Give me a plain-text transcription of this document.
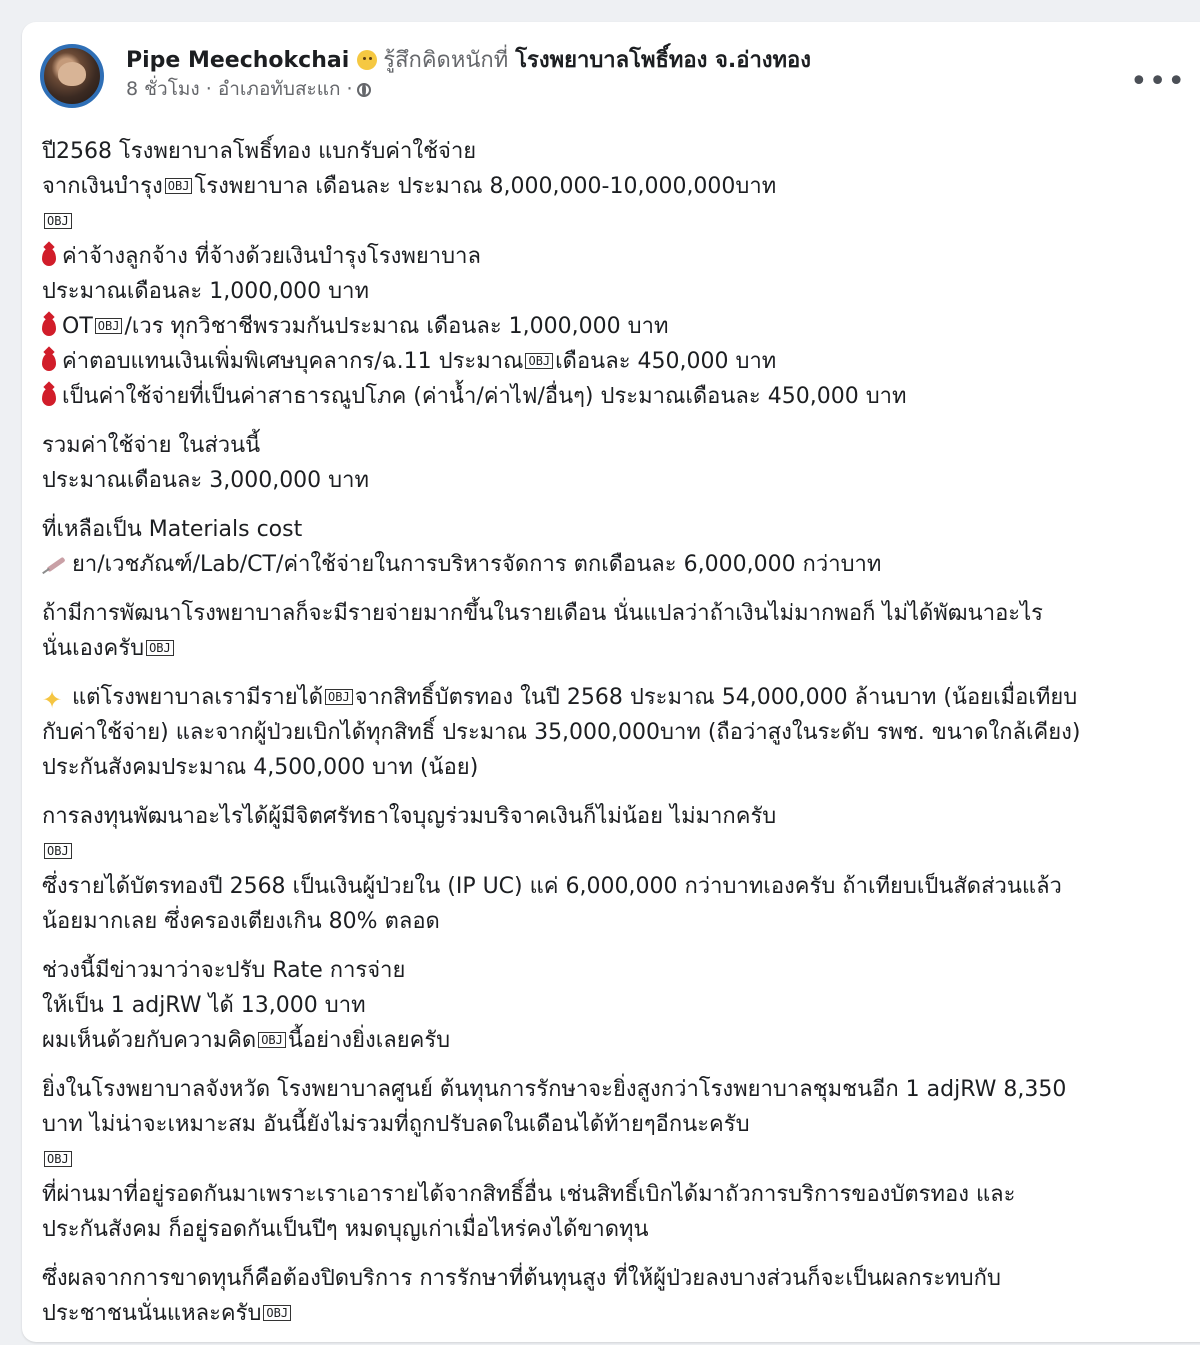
Pipe Meechokchai รู้สึกคิดหนักที่ โรงพยาบาลโพธิ์ทอง จ.อ่างทอง
8 ชั่วโมง · อำเภอทับสะแก ·	•••
ปี2568 โรงพยาบาลโพธิ์ทอง แบกรับค่าใช้จ่าย
จากเงินบำรุง OBJ โรงพยาบาล เดือนละ ประมาณ 8,000,000-10,000,000บาท
OBJ
ค่าจ้างลูกจ้าง ที่จ้างด้วยเงินบำรุงโรงพยาบาล
ประมาณเดือนละ 1,000,000 บาท
OT OBJ /เวร ทุกวิชาชีพรวมกันประมาณ เดือนละ 1,000,000 บาท
ค่าตอบแทนเงินเพิ่มพิเศษบุคลากร/ฉ.11 ประมาณ OBJ เดือนละ 450,000 บาท
เป็นค่าใช้จ่ายที่เป็นค่าสาธารณูปโภค (ค่าน้ำ/ค่าไฟ/อื่นๆ) ประมาณเดือนละ 450,000 บาท
รวมค่าใช้จ่าย ในส่วนนี้
ประมาณเดือนละ 3,000,000 บาท
ที่เหลือเป็น Materials cost
ยา/เวชภัณฑ์/Lab/CT/ค่าใช้จ่ายในการบริหารจัดการ ตกเดือนละ 6,000,000 กว่าบาท
ถ้ามีการพัฒนาโรงพยาบาลก็จะมีรายจ่ายมากขึ้นในรายเดือน นั่นแปลว่าถ้าเงินไม่มากพอก็ ไม่ได้พัฒนาอะไร
นั่นเองครับ OBJ
✦ แต่โรงพยาบาลเรามีรายได้ OBJ จากสิทธิ์บัตรทอง ในปี 2568 ประมาณ 54,000,000 ล้านบาท (น้อยเมื่อเทียบ
กับค่าใช้จ่าย) และจากผู้ป่วยเบิกได้ทุกสิทธิ์ ประมาณ 35,000,000บาท (ถือว่าสูงในระดับ รพช. ขนาดใกล้เคียง)
ประกันสังคมประมาณ 4,500,000 บาท (น้อย)
การลงทุนพัฒนาอะไรได้ผู้มีจิตศรัทธาใจบุญร่วมบริจาคเงินก็ไม่น้อย ไม่มากครับ
OBJ
ซึ่งรายได้บัตรทองปี 2568 เป็นเงินผู้ป่วยใน (IP UC) แค่ 6,000,000 กว่าบาทเองครับ ถ้าเทียบเป็นสัดส่วนแล้ว
น้อยมากเลย ซึ่งครองเตียงเกิน 80% ตลอด
ช่วงนี้มีข่าวมาว่าจะปรับ Rate การจ่าย
ให้เป็น 1 adjRW ได้ 13,000 บาท
ผมเห็นด้วยกับความคิด OBJ นี้อย่างยิ่งเลยครับ
ยิ่งในโรงพยาบาลจังหวัด โรงพยาบาลศูนย์ ต้นทุนการรักษาจะยิ่งสูงกว่าโรงพยาบาลชุมชนอีก 1 adjRW 8,350
บาท ไม่น่าจะเหมาะสม อันนี้ยังไม่รวมที่ถูกปรับลดในเดือนได้ท้ายๆอีกนะครับ
OBJ
ที่ผ่านมาที่อยู่รอดกันมาเพราะเราเอารายได้จากสิทธิ์อื่น เช่นสิทธิ์เบิกได้มาถัวการบริการของบัตรทอง และ
ประกันสังคม ก็อยู่รอดกันเป็นปีๆ หมดบุญเก่าเมื่อไหร่คงได้ขาดทุน
ซึ่งผลจากการขาดทุนก็คือต้องปิดบริการ การรักษาที่ต้นทุนสูง ที่ให้ผู้ป่วยลงบางส่วนก็จะเป็นผลกระทบกับ
ประชาชนนั่นแหละครับ OBJ
